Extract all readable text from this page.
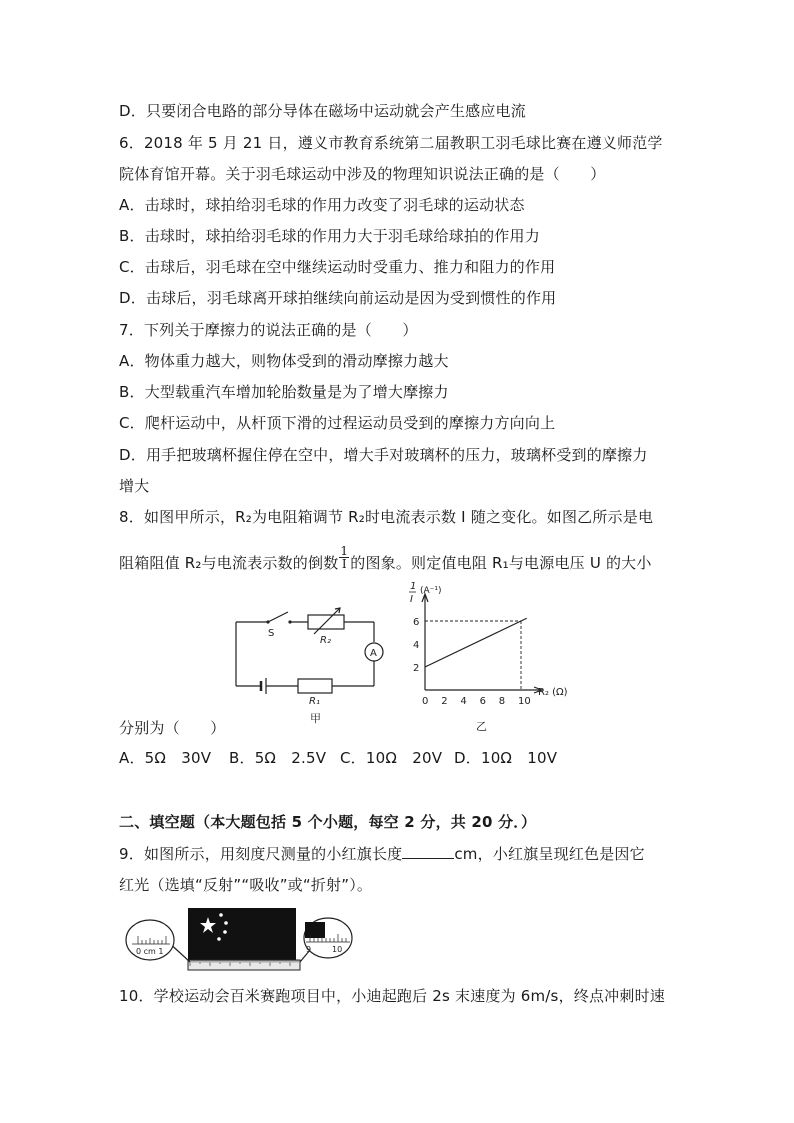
D．只要闭合电路的部分导体在磁场中运动就会产生感应电流
6．2018 年 5 月 21 日，遵义市教育系统第二届教职工羽毛球比赛在遵义师范学
院体育馆开幕。关于羽毛球运动中涉及的物理知识说法正确的是（　　）
A．击球时，球拍给羽毛球的作用力改变了羽毛球的运动状态
B．击球时，球拍给羽毛球的作用力大于羽毛球给球拍的作用力
C．击球后，羽毛球在空中继续运动时受重力、推力和阻力的作用
D．击球后，羽毛球离开球拍继续向前运动是因为受到惯性的作用
7．下列关于摩擦力的说法正确的是（　　）
A．物体重力越大，则物体受到的滑动摩擦力越大
B．大型载重汽车增加轮胎数量是为了增大摩擦力
C．爬杆运动中，从杆顶下滑的过程运动员受到的摩擦力方向向上
D．用手把玻璃杯握住停在空中，增大手对玻璃杯的压力，玻璃杯受到的摩擦力
增大
8．如图甲所示，R₂为电阻箱调节 R₂时电流表示数 I 随之变化。如图乙所示是电
阻箱阻值 R₂与电流表示数的倒数 $\frac{1}{I}$ 的图象。则定值电阻 R₁与电源电压 U 的大小
S
R₂
A
R₁
甲
1
I
(A⁻¹)
R₂ (Ω)
0 2 4 6 8 10
2
4
6
乙
分别为（　　）
A．5Ω　30V B．5Ω　2.5V C．10Ω　20V D．10Ω　10V
二、填空题（本大题包括 5 个小题，每空 2 分，共 20 分．）
9．如图所示，用刻度尺测量的小红旗长度	cm，小红旗呈现红色是因它
红光（选填“反射”“吸收”或“折射”）。
0 cm 1	9	10
10．学校运动会百米赛跑项目中，小迪起跑后 2s 末速度为 6m/s，终点冲刺时速
